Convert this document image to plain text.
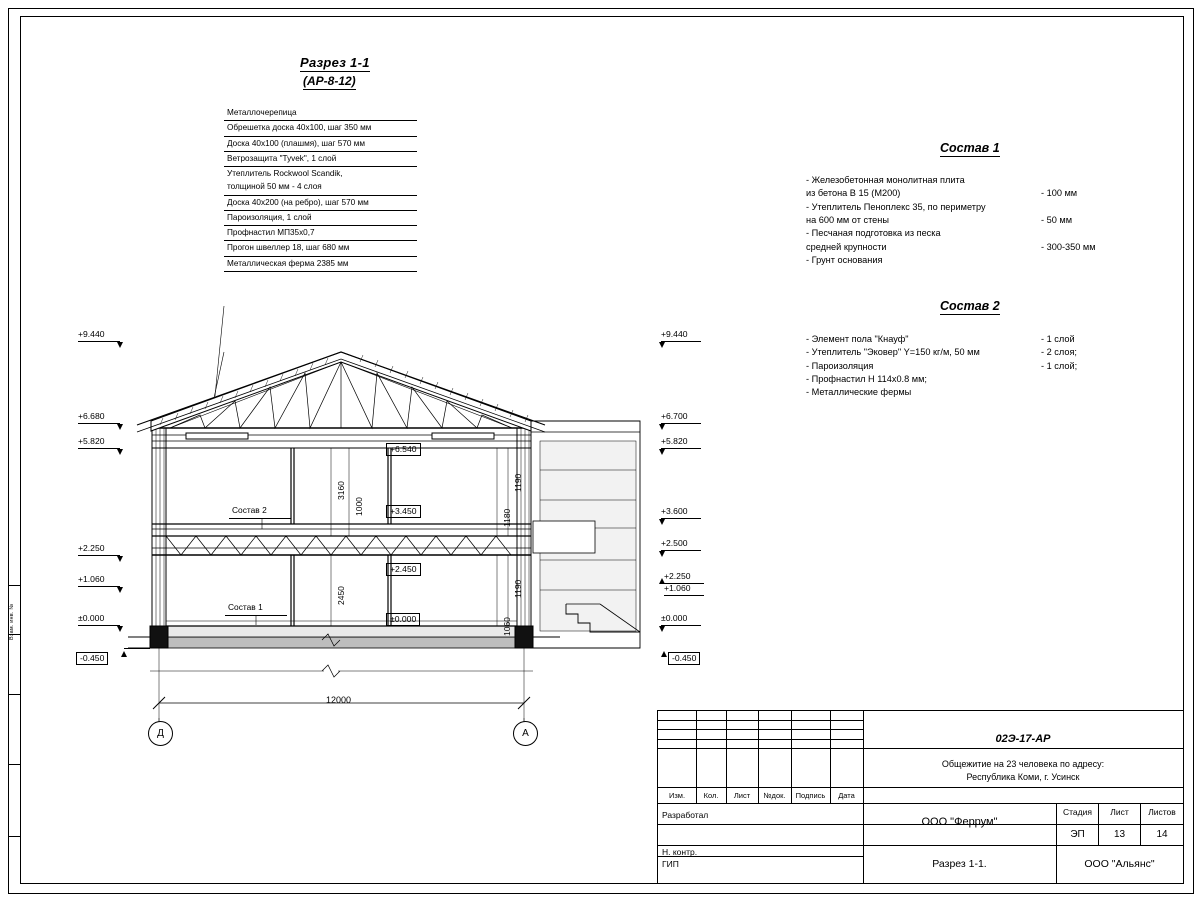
Взам. инв. №
Разрез 1-1
(АР-8-12)
Металлочерепица
Обрешетка доска 40х100, шаг 350 мм
Доска 40х100 (плашмя), шаг 570 мм
Ветрозащита "Tyvek", 1 слой
Утеплитель Rockwool Scandik,
толщиной 50 мм - 4 слоя
Доска 40х200 (на ребро), шаг 570 мм
Пароизоляция, 1 слой
Профнастил МП35х0,7
Прогон швеллер 18, шаг 680 мм
Металлическая ферма 2385 мм
Состав 1
- Железобетонная монолитная плита
из бетона В 15 (М200)	- 100 мм
- Утеплитель Пеноплекс 35, по периметру
на 600 мм от стены	- 50 мм
- Песчаная подготовка из песка
средней крупности	- 300-350 мм
- Грунт основания
Состав 2
- Элемент пола "Кнауф"	- 1 слой
- Утеплитель "Эковер" Y=150 кг/м, 50 мм	- 2 слоя;
- Пароизоляция	- 1 слой;
- Профнастил Н 114х0.8 мм;
- Металлические фермы
+9.440
+6.680
+5.820
+2.250
+1.060
±0.000
-0.450
+9.440
+6.700
+5.820
+3.600
+2.500
+2.250
+1.060
±0.000
-0.450
+6.540
+3.450
+2.450
±0.000
3160
1000
2450
1190
1180
1190
1060
Состав 2
Состав 1
12000
Д	А	02Э-17-АР
Общежитие на 23 человека по адресу:
Республика Коми, г. Усинск
Изм.	Кол.	Лист	№док.	Подпись	Дата
Разработал
Н. контр.
ГИП
ООО "Феррум"
Разрез 1-1.	ООО "Альянс"
Стадия	Лист	Листов
ЭП	13	14
